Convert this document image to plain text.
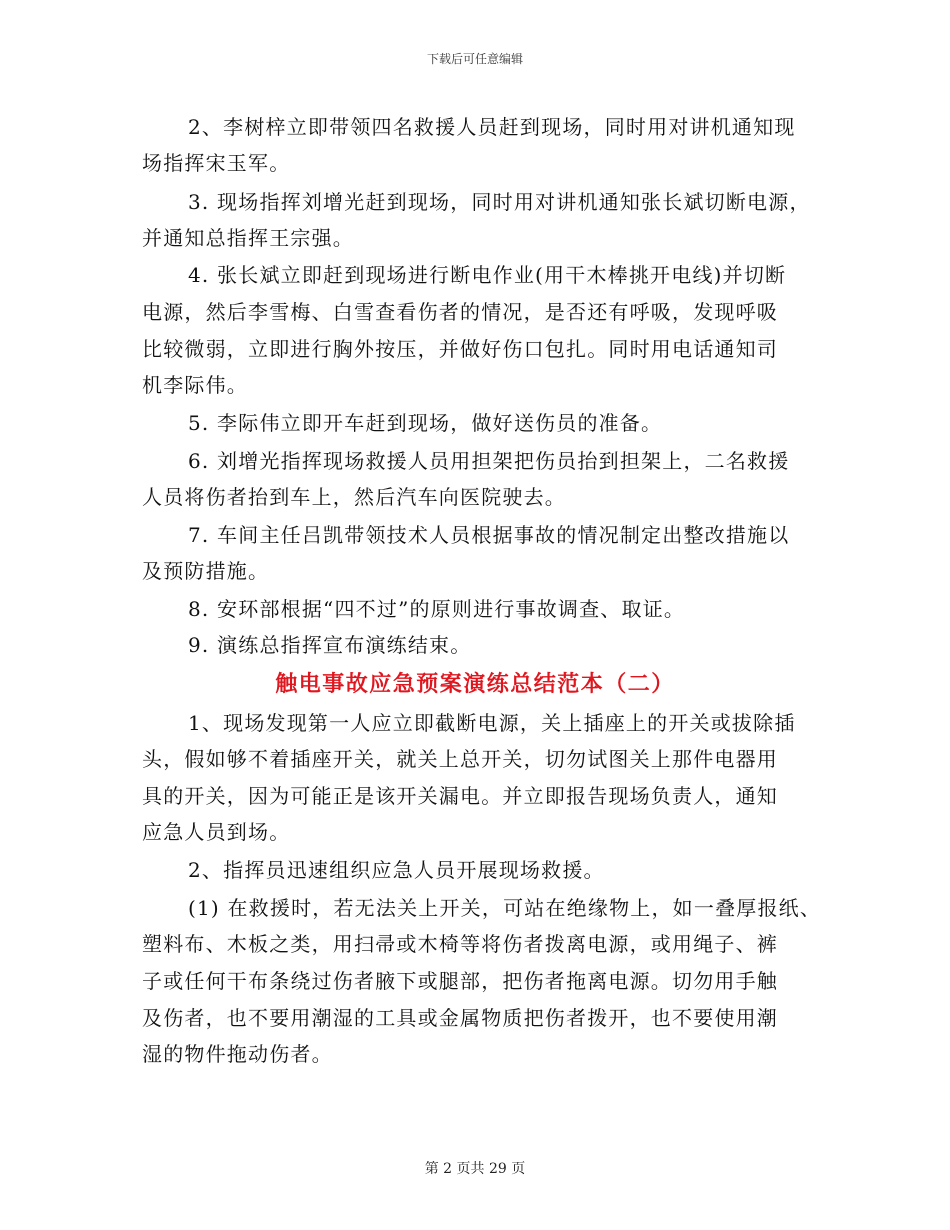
下载后可任意编辑
2、李树梓立即带领四名救援人员赶到现场，同时用对讲机通知现
场指挥宋玉军。
3. 现场指挥刘增光赶到现场，同时用对讲机通知张长斌切断电源，
并通知总指挥王宗强。
4. 张长斌立即赶到现场进行断电作业(用干木棒挑开电线)并切断
电源，然后李雪梅、白雪查看伤者的情况，是否还有呼吸，发现呼吸
比较微弱，立即进行胸外按压，并做好伤口包扎。同时用电话通知司
机李际伟。
5. 李际伟立即开车赶到现场，做好送伤员的准备。
6. 刘增光指挥现场救援人员用担架把伤员抬到担架上，二名救援
人员将伤者抬到车上，然后汽车向医院驶去。
7. 车间主任吕凯带领技术人员根据事故的情况制定出整改措施以
及预防措施。
8. 安环部根据“四不过”的原则进行事故调查、取证。
9. 演练总指挥宣布演练结束。
触电事故应急预案演练总结范本（二）
1、现场发现第一人应立即截断电源，关上插座上的开关或拔除插
头，假如够不着插座开关，就关上总开关，切勿试图关上那件电器用
具的开关，因为可能正是该开关漏电。并立即报告现场负责人，通知
应急人员到场。
2、指挥员迅速组织应急人员开展现场救援。
(1) 在救援时，若无法关上开关，可站在绝缘物上，如一叠厚报纸、
塑料布、木板之类，用扫帚或木椅等将伤者拨离电源，或用绳子、裤
子或任何干布条绕过伤者腋下或腿部，把伤者拖离电源。切勿用手触
及伤者，也不要用潮湿的工具或金属物质把伤者拨开，也不要使用潮
湿的物件拖动伤者。
第 2 页共 29 页
